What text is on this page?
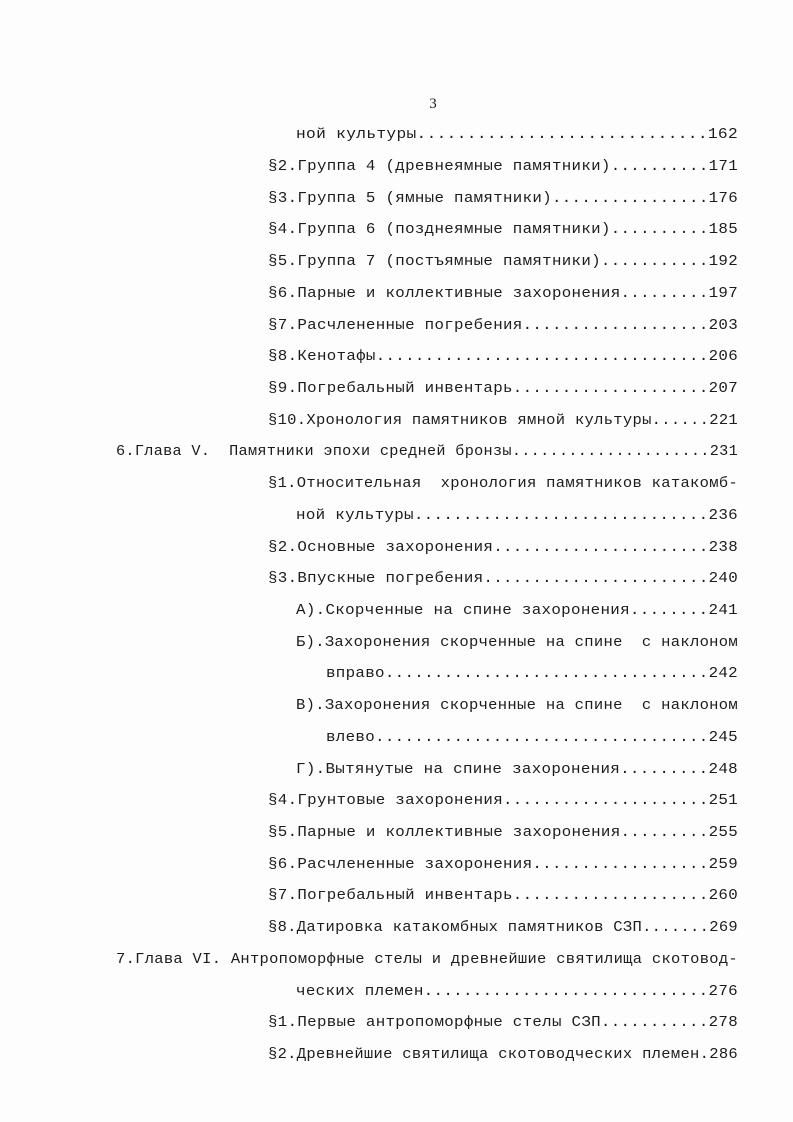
3
ной культуры.............................162
§2.Группа 4 (древнеямные памятники)..........171
§3.Группа 5 (ямные памятники)................176
§4.Группа 6 (позднеямные памятники)..........185
§5.Группа 7 (постъямные памятники)...........192
§6.Парные и коллективные захоронения.........197
§7.Расчлененные погребения...................203
§8.Кенотафы..................................206
§9.Погребальный инвентарь....................207
§10.Хронология памятников ямной культуры......221
6.Глава V.  Памятники эпохи средней бронзы.....................231
§1.Относительная  хронология памятников катакомб-
ной культуры..............................236
§2.Основные захоронения......................238
§3.Впускные погребения.......................240
А).Скорченные на спине захоронения........241
Б).Захоронения скорченные на спине  с наклоном
вправо.................................242
В).Захоронения скорченные на спине  с наклоном
влево..................................245
Г).Вытянутые на спине захоронения.........248
§4.Грунтовые захоронения.....................251
§5.Парные и коллективные захоронения.........255
§6.Расчлененные захоронения..................259
§7.Погребальный инвентарь....................260
§8.Датировка катакомбных памятников СЗП.......269
7.Глава VI. Антропоморфные стелы и древнейшие святилища скотовод-
ческих племен.............................276
§1.Первые антропоморфные стелы СЗП...........278
§2.Древнейшие святилища скотоводческих племен.286
